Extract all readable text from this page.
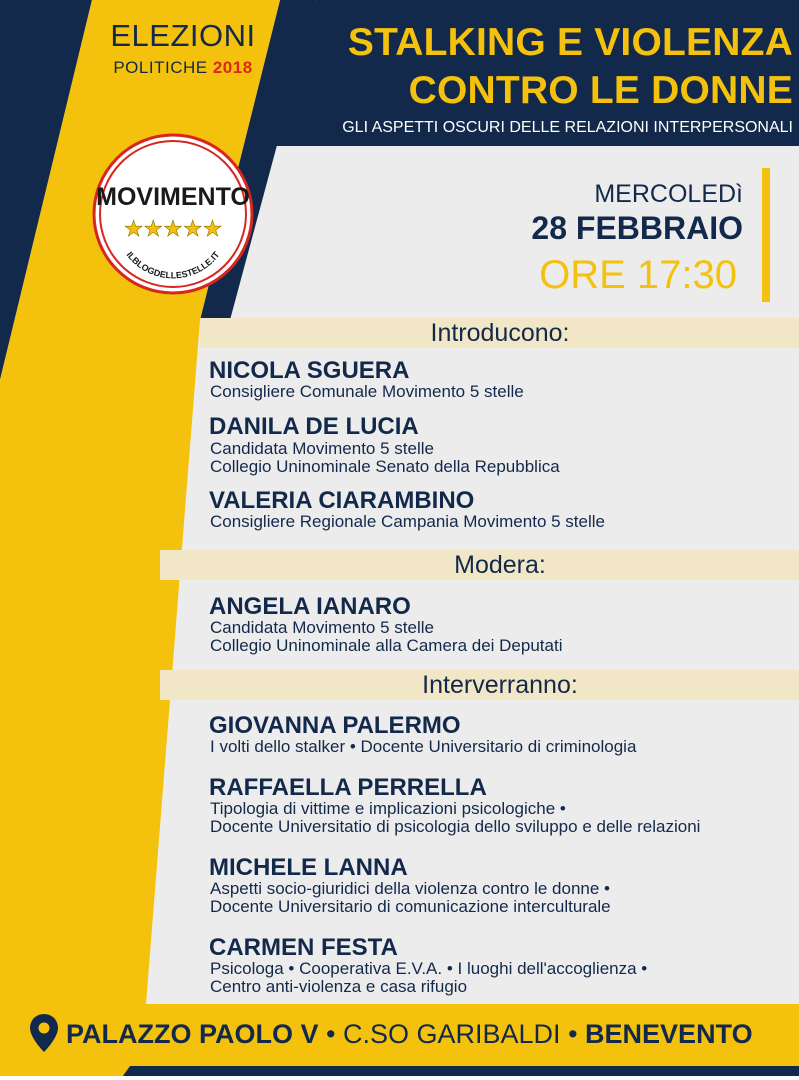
ELEZIONI
POLITICHE 2018
STALKING E VIOLENZA
CONTRO LE DONNE
GLI ASPETTI OSCURI DELLE RELAZIONI INTERPERSONALI
MOVIMENTO
★★★★★
ILBLOGDELLESTELLE.IT
MERCOLEDì
28 FEBBRAIO
ORE 17:30
Introducono:
NICOLA SGUERA
Consigliere Comunale Movimento 5 stelle
DANILA DE LUCIA
Candidata Movimento 5 stelle
Collegio Uninominale Senato della Repubblica
VALERIA CIARAMBINO
Consigliere Regionale Campania Movimento 5 stelle
Modera:
ANGELA IANARO
Candidata Movimento 5 stelle
Collegio Uninominale alla Camera dei Deputati
Interverranno:
GIOVANNA PALERMO
I volti dello stalker • Docente Universitario di criminologia
RAFFAELLA PERRELLA
Tipologia di vittime e implicazioni psicologiche •
Docente Universitatio di psicologia dello sviluppo e delle relazioni
MICHELE LANNA
Aspetti socio-giuridici della violenza contro le donne •
Docente Universitario di comunicazione interculturale
CARMEN FESTA
Psicologa • Cooperativa E.V.A. • I luoghi dell'accoglienza •
Centro anti-violenza e casa rifugio
PALAZZO PAOLO V • C.SO GARIBALDI • BENEVENTO
